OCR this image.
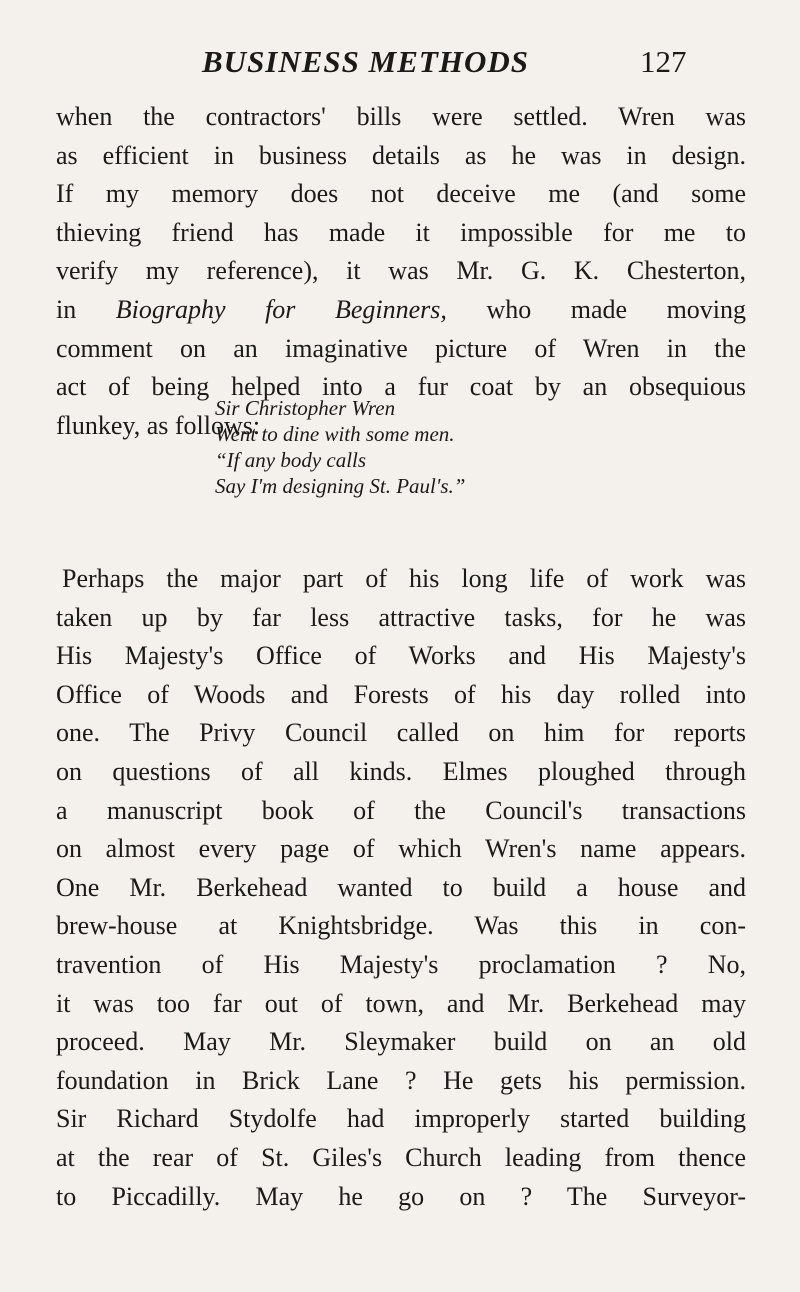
BUSINESS METHODS	127
when the contractors' bills were settled. Wren was
as efficient in business details as he was in design.
If my memory does not deceive me (and some
thieving friend has made it impossible for me to
verify my reference), it was Mr. G. K. Chesterton,
in Biography for Beginners, who made moving
comment on an imaginative picture of Wren in the
act of being helped into a fur coat by an obsequious
flunkey, as follows:
Sir Christopher Wren
Went to dine with some men.
“If any body calls
Say I'm designing St. Paul's.”
Perhaps the major part of his long life of work was
taken up by far less attractive tasks, for he was
His Majesty's Office of Works and His Majesty's
Office of Woods and Forests of his day rolled into
one. The Privy Council called on him for reports
on questions of all kinds. Elmes ploughed through
a manuscript book of the Council's transactions
on almost every page of which Wren's name appears.
One Mr. Berkehead wanted to build a house and
brew-house at Knightsbridge. Was this in con-
travention of His Majesty's proclamation ? No,
it was too far out of town, and Mr. Berkehead may
proceed. May Mr. Sleymaker build on an old
foundation in Brick Lane ? He gets his permission.
Sir Richard Stydolfe had improperly started building
at the rear of St. Giles's Church leading from thence
to Piccadilly. May he go on ? The Surveyor-
